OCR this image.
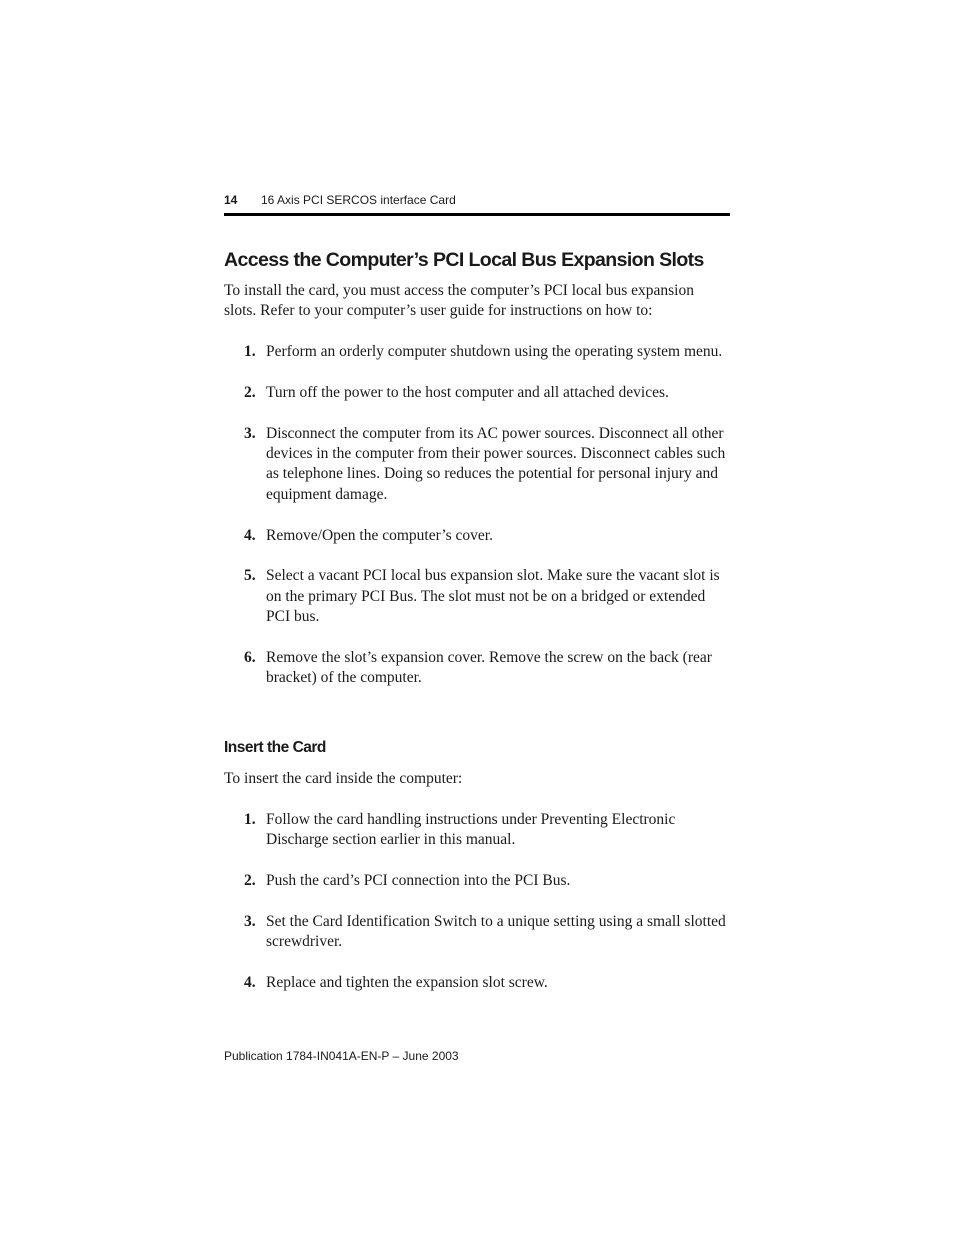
14 16 Axis PCI SERCOS interface Card
Access the Computer’s PCI Local Bus Expansion Slots

To install the card, you must access the computer’s PCI local bus expansion slots. Refer to your computer’s user guide for instructions on how to:

1. Perform an orderly computer shutdown using the operating system menu.
2. Turn off the power to the host computer and all attached devices.
3. Disconnect the computer from its AC power sources. Disconnect all other devices in the computer from their power sources. Disconnect cables such as telephone lines. Doing so reduces the potential for personal injury and equipment damage.
4. Remove/Open the computer’s cover.
5. Select a vacant PCI local bus expansion slot. Make sure the vacant slot is on the primary PCI Bus. The slot must not be on a bridged or extended PCI bus.
6. Remove the slot’s expansion cover. Remove the screw on the back (rear bracket) of the computer.
Insert the Card

To insert the card inside the computer:

1. Follow the card handling instructions under Preventing Electronic Discharge section earlier in this manual.
2. Push the card’s PCI connection into the PCI Bus.
3. Set the Card Identification Switch to a unique setting using a small slotted screwdriver.
4. Replace and tighten the expansion slot screw.
Publication 1784-IN041A-EN-P – June 2003
